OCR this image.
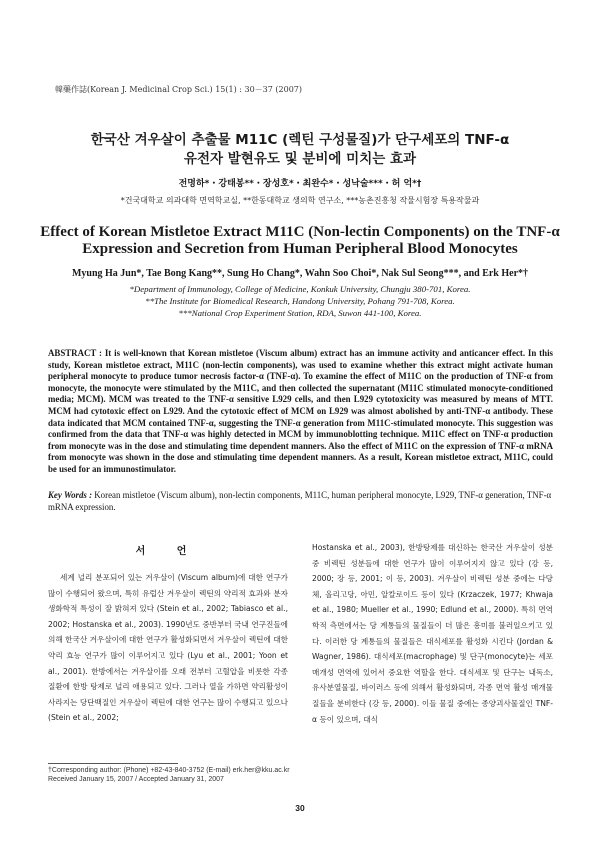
韓藥作誌(Korean J. Medicinal Crop Sci.) 15(1) : 30－37 (2007)
한국산 겨우살이 추출물 M11C (렉틴 구성물질)가 단구세포의 TNF-α
유전자 발현유도 및 분비에 미치는 효과
전명하*・강태봉**・장성호*・최완수*・성낙술***・허 억*†
*건국대학교 의과대학 면역학교실, **한동대학교 생의학 연구소, ***농촌진흥청 작물시험장 특용작물과
Effect of Korean Mistletoe Extract M11C (Non-lectin Components) on the TNF-α
Expression and Secretion from Human Peripheral Blood Monocytes
Myung Ha Jun*, Tae Bong Kang**, Sung Ho Chang*, Wahn Soo Choi*, Nak Sul Seong***, and Erk Her*†
*Department of Immunology, College of Medicine, Konkuk University, Chungju 380-701, Korea.
**The Institute for Biomedical Research, Handong University, Pohang 791-708, Korea.
***National Crop Experiment Station, RDA, Suwon 441-100, Korea.

ABSTRACT : It is well-known that Korean mistletoe (Viscum album) extract has an immune activity and anticancer effect. In this study, Korean mistletoe extract, M11C (non-lectin components), was used to examine whether this extract might activate human peripheral monocyte to produce tumor necrosis factor-α (TNF-α). To examine the effect of M11C on the production of TNF-α from monocyte, the monocyte were stimulated by the M11C, and then collected the supernatant (M11C stimulated monocyte-conditioned media; MCM). MCM was treated to the TNF-α sensitive L929 cells, and then L929 cytotoxicity was measured by means of MTT. MCM had cytotoxic effect on L929. And the cytotoxic effect of MCM on L929 was almost abolished by anti-TNF-α antibody. These data indicated that MCM contained TNF-α, suggesting the TNF-α generation from M11C-stimulated monocyte. This suggestion was confirmed from the data that TNF-α was highly detected in MCM by immunoblotting technique. M11C effect on TNF-α production from monocyte was in the dose and stimulating time dependent manners. Also the effect of M11C on the expression of TNF-α mRNA from monocyte was shown in the dose and stimulating time dependent manners. As a result, Korean mistletoe extract, M11C, could be used for an immunostimulator.

Key Words : Korean mistletoe (Viscum album), non-lectin components, M11C, human peripheral monocyte, L929, TNF-α generation, TNF-α mRNA expression.
서 언

세계 널리 분포되어 있는 겨우살이 (Viscum album)에 대한 연구가 많이 수행되어 왔으며, 특히 유럽산 겨우살이 렉틴의 약리적 효과와 분자생화학적 특성이 잘 밝혀져 있다 (Stein et al., 2002; Tabiasco et al., 2002; Hostanska et al., 2003). 1990년도 중반부터 국내 연구진들에 의해 한국산 겨우살이에 대한 연구가 활성화되면서 겨우살이 렉틴에 대한 약리 효능 연구가 많이 이루어지고 있다 (Lyu et al., 2001; Yoon et al., 2001). 한방에서는 겨우살이를 오래 전부터 고혈압을 비롯한 각종 질환에 한방 탕제로 널리 애용되고 있다. 그러나 열을 가하면 약리활성이 사라지는 당단백질인 겨우살이 렉틴에 대한 연구는 많이 수행되고 있으나 (Stein et al., 2002;

Hostanska et al., 2003), 한방탕제를 대신하는 한국산 겨우살이 성분 중 비렉틴 성분들에 대한 연구가 많이 이루어지지 않고 있다 (강 등, 2000; 장 등, 2001; 이 등, 2003). 겨우살이 비렉틴 성분 중에는 다당체, 올리고당, 아민, 알칼로이드 등이 있다 (Krzaczek, 1977; Khwaja et al., 1980; Mueller et al., 1990; Edlund et al., 2000). 특히 면역학적 측면에서는 당 계통들의 물질들이 더 많은 흥미를 불러일으키고 있다. 이러한 당 계통들의 물질들은 대식세포를 활성화 시킨다 (Jordan & Wagner, 1986). 대식세포(macrophage) 및 단구(monocyte)는 세포 매개성 면역에 있어서 중요한 역할을 한다. 대식세포 및 단구는 내독소, 유사분열물질, 바이러스 등에 의해서 활성화되며, 각종 면역 활성 매개물질들을 분비한다 (강 등, 2000). 이들 물질 중에는 종양괴사물질인 TNF-α 등이 있으며, 대식

†Corresponding author: (Phone) +82-43-840-3752 (E-mail) erk.her@kku.ac.kr
Received January 15, 2007 / Accepted January 31, 2007
30
